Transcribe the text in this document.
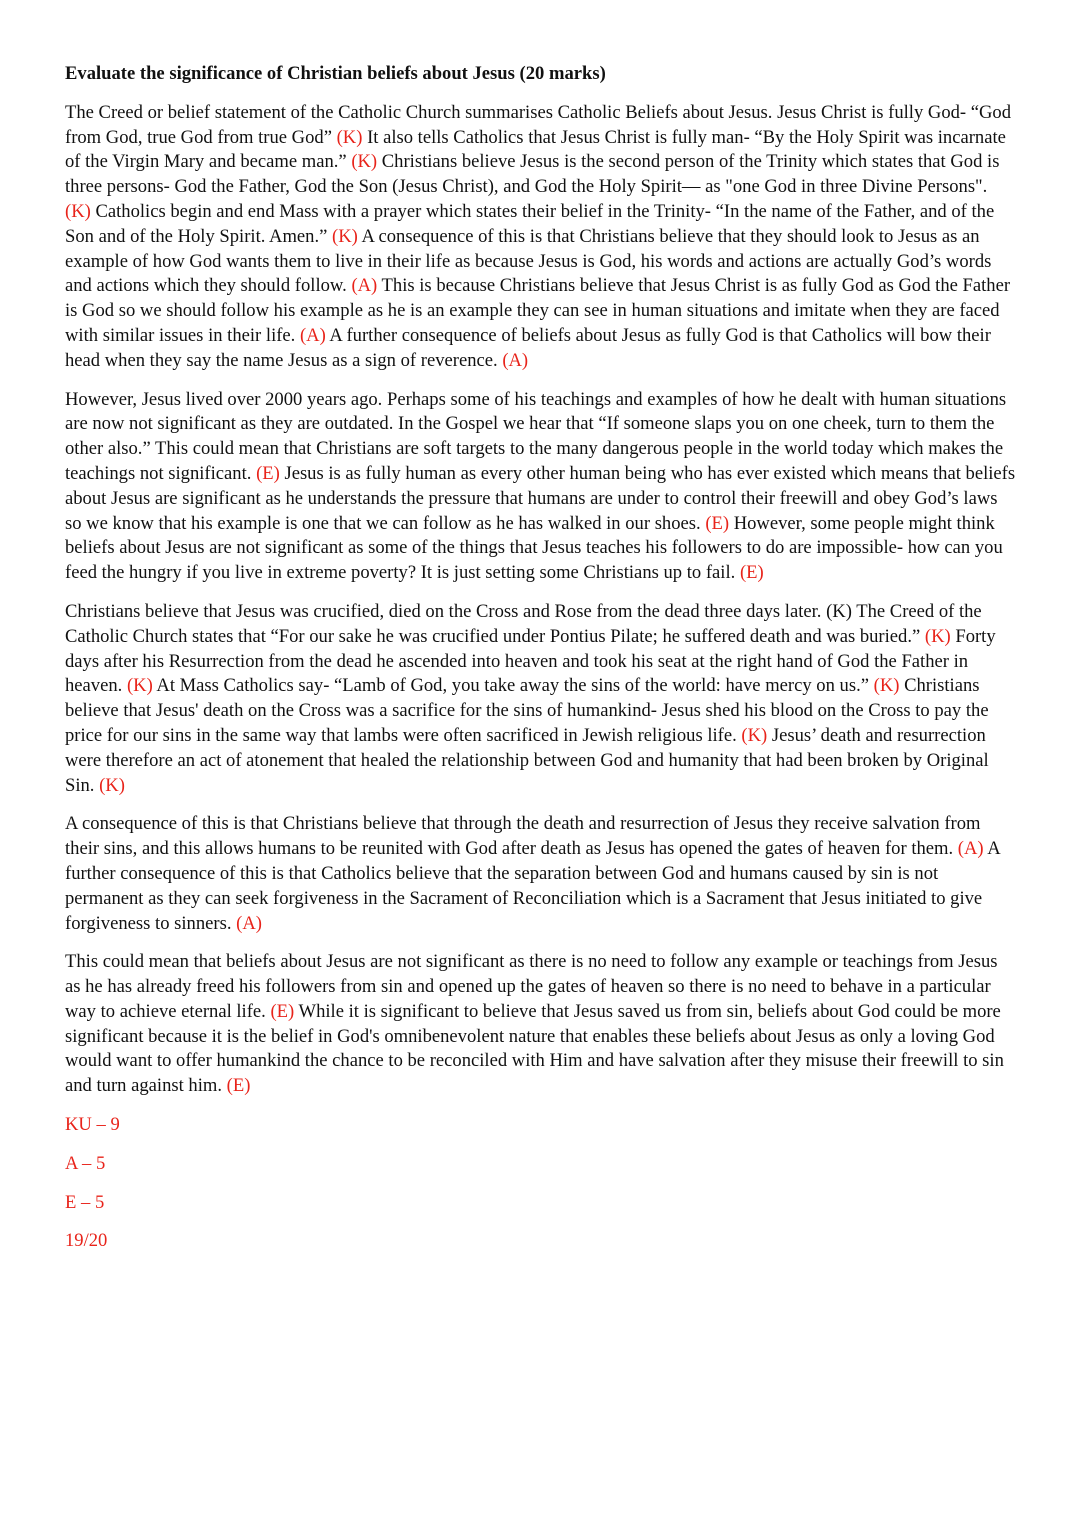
Evaluate the significance of Christian beliefs about Jesus (20 marks)
The Creed or belief statement of the Catholic Church summarises Catholic Beliefs about Jesus. Jesus Christ is fully God- “God from God, true God from true God” (K) It also tells Catholics that Jesus Christ is fully man- “By the Holy Spirit was incarnate of the Virgin Mary and became man.” (K) Christians believe Jesus is the second person of the Trinity which states that God is three persons- God the Father, God the Son (Jesus Christ), and God the Holy Spirit— as "one God in three Divine Persons". (K) Catholics begin and end Mass with a prayer which states their belief in the Trinity- “In the name of the Father, and of the Son and of the Holy Spirit. Amen.” (K) A consequence of this is that Christians believe that they should look to Jesus as an example of how God wants them to live in their life as because Jesus is God, his words and actions are actually God’s words and actions which they should follow. (A) This is because Christians believe that Jesus Christ is as fully God as God the Father is God so we should follow his example as he is an example they can see in human situations and imitate when they are faced with similar issues in their life. (A) A further consequence of beliefs about Jesus as fully God is that Catholics will bow their head when they say the name Jesus as a sign of reverence. (A)
However, Jesus lived over 2000 years ago. Perhaps some of his teachings and examples of how he dealt with human situations are now not significant as they are outdated. In the Gospel we hear that “If someone slaps you on one cheek, turn to them the other also.” This could mean that Christians are soft targets to the many dangerous people in the world today which makes the teachings not significant. (E) Jesus is as fully human as every other human being who has ever existed which means that beliefs about Jesus are significant as he understands the pressure that humans are under to control their freewill and obey God’s laws so we know that his example is one that we can follow as he has walked in our shoes. (E) However, some people might think beliefs about Jesus are not significant as some of the things that Jesus teaches his followers to do are impossible- how can you feed the hungry if you live in extreme poverty? It is just setting some Christians up to fail. (E)
Christians believe that Jesus was crucified, died on the Cross and Rose from the dead three days later. (K) The Creed of the Catholic Church states that “For our sake he was crucified under Pontius Pilate; he suffered death and was buried.” (K) Forty days after his Resurrection from the dead he ascended into heaven and took his seat at the right hand of God the Father in heaven. (K) At Mass Catholics say- “Lamb of God, you take away the sins of the world: have mercy on us.” (K) Christians believe that Jesus' death on the Cross was a sacrifice for the sins of humankind- Jesus shed his blood on the Cross to pay the price for our sins in the same way that lambs were often sacrificed in Jewish religious life. (K) Jesus’ death and resurrection were therefore an act of atonement that healed the relationship between God and humanity that had been broken by Original Sin. (K)
A consequence of this is that Christians believe that through the death and resurrection of Jesus they receive salvation from their sins, and this allows humans to be reunited with God after death as Jesus has opened the gates of heaven for them. (A) A further consequence of this is that Catholics believe that the separation between God and humans caused by sin is not permanent as they can seek forgiveness in the Sacrament of Reconciliation which is a Sacrament that Jesus initiated to give forgiveness to sinners. (A)
This could mean that beliefs about Jesus are not significant as there is no need to follow any example or teachings from Jesus as he has already freed his followers from sin and opened up the gates of heaven so there is no need to behave in a particular way to achieve eternal life. (E) While it is significant to believe that Jesus saved us from sin, beliefs about God could be more significant because it is the belief in God's omnibenevolent nature that enables these beliefs about Jesus as only a loving God would want to offer humankind the chance to be reconciled with Him and have salvation after they misuse their freewill to sin and turn against him. (E)
KU – 9
A – 5
E – 5
19/20
